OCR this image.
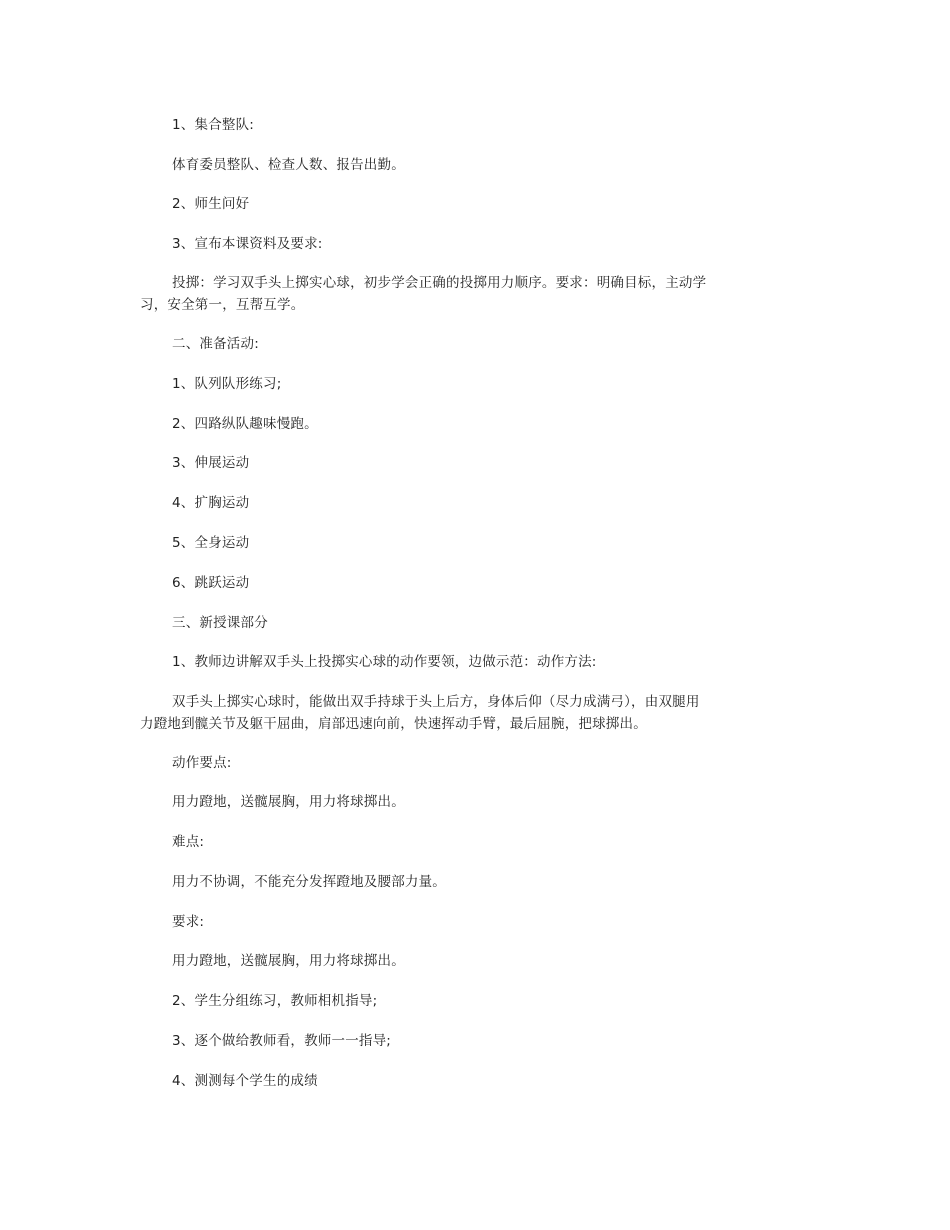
1、集合整队:
体育委员整队、检查人数、报告出勤。
2、师生问好
3、宣布本课资料及要求:
投掷：学习双手头上掷实心球，初步学会正确的投掷用力顺序。要求：明确目标，主动学
习，安全第一，互帮互学。
二、准备活动:
1、队列队形练习;
2、四路纵队趣味慢跑。
3、伸展运动
4、扩胸运动
5、全身运动
6、跳跃运动
三、新授课部分
1、教师边讲解双手头上投掷实心球的动作要领，边做示范：动作方法:
双手头上掷实心球时，能做出双手持球于头上后方，身体后仰（尽力成满弓），由双腿用
力蹬地到髋关节及躯干屈曲，肩部迅速向前，快速挥动手臂，最后屈腕，把球掷出。
动作要点:
用力蹬地，送髋展胸，用力将球掷出。
难点:
用力不协调，不能充分发挥蹬地及腰部力量。
要求:
用力蹬地，送髋展胸，用力将球掷出。
2、学生分组练习，教师相机指导;
3、逐个做给教师看，教师一一指导;
4、测测每个学生的成绩
